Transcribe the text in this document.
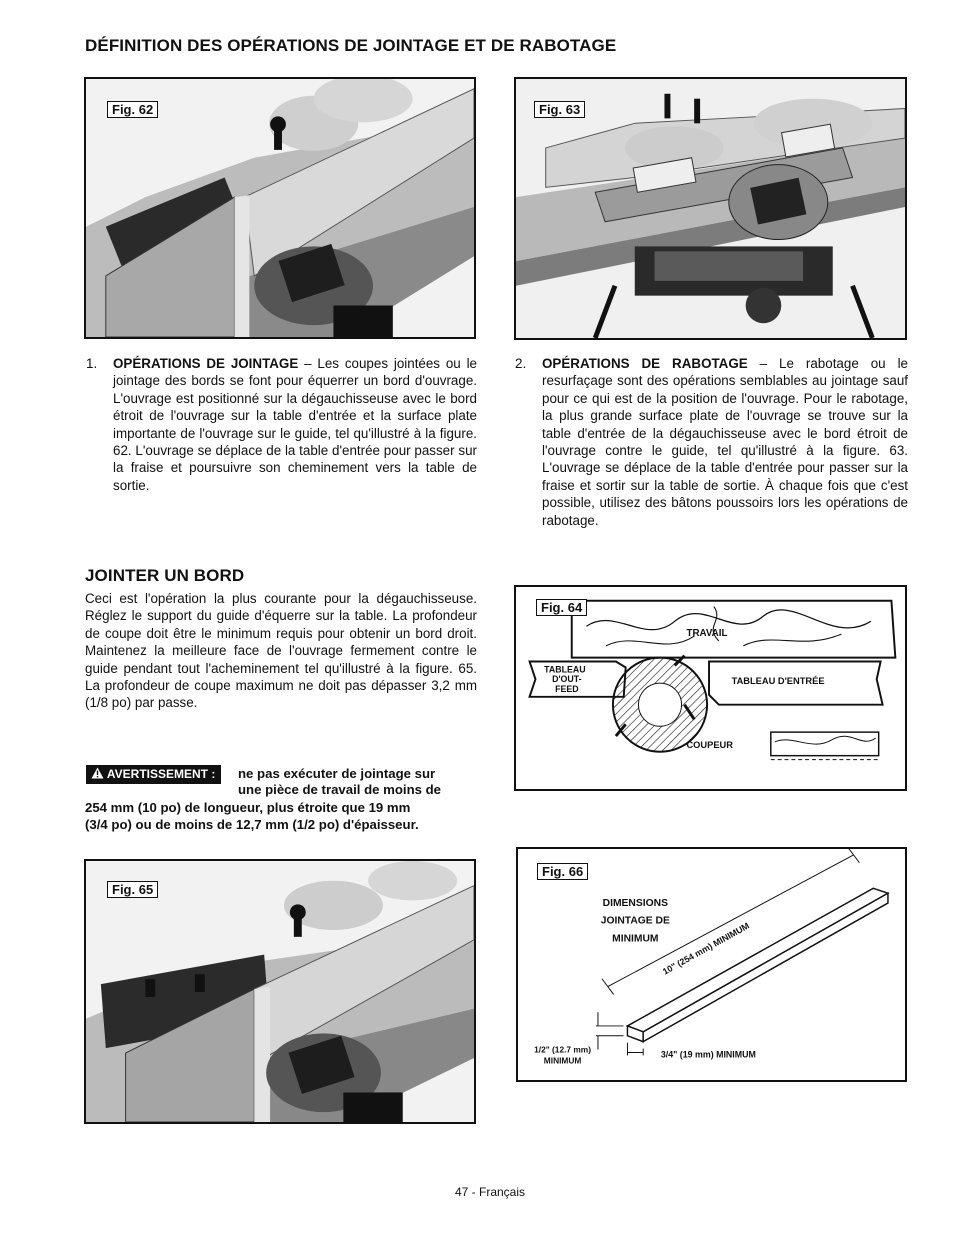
DÉFINITION DES OPÉRATIONS DE JOINTAGE ET DE RABOTAGE
Fig. 62	Fig. 63
1. OPÉRATIONS DE JOINTAGE – Les coupes jointées ou le jointage des bords se font pour équerrer un bord d'ouvrage. L'ouvrage est positionné sur la dégauchisseuse avec le bord étroit de l'ouvrage sur la table d'entrée et la surface plate importante de l'ouvrage sur le guide, tel qu'illustré à la figure. 62. L'ouvrage se déplace de la table d'entrée pour passer sur la fraise et poursuivre son cheminement vers la table de sortie.
2. OPÉRATIONS DE RABOTAGE – Le rabotage ou le resurfaçage sont des opérations semblables au jointage sauf pour ce qui est de la position de l'ouvrage. Pour le rabotage, la plus grande surface plate de l'ouvrage se trouve sur la table d'entrée de la dégauchisseuse avec le bord étroit de l'ouvrage contre le guide, tel qu'illustré à la figure. 63. L'ouvrage se déplace de la table d'entrée pour passer sur la fraise et sortir sur la table de sortie. À chaque fois que c'est possible, utilisez des bâtons poussoirs lors les opérations de rabotage.
JOINTER UN BORD
Ceci est l'opération la plus courante pour la dégauchisseuse. Réglez le support du guide d'équerre sur la table. La profondeur de coupe doit être le minimum requis pour obtenir un bord droit. Maintenez la meilleure face de l'ouvrage fermement contre le guide pendant tout l'acheminement tel qu'illustré à la figure. 65. La profondeur de coupe maximum ne doit pas dépasser 3,2 mm (1/8 po) par passe.
AVERTISSEMENT : ne pas exécuter de jointage sur
une pièce de travail de moins de
254 mm (10 po) de longueur, plus étroite que 19 mm
(3/4 po) ou de moins de 12,7 mm (1/2 po) d'épaisseur.
Fig. 64
TRAVAIL
TABLEAU
D'OUT-
FEED
TABLEAU D'ENTRÉE
COUPEUR
Fig. 65
Fig. 66
10" (254 mm) MINIMUM
DIMENSIONS
JOINTAGE DE
MINIMUM
1/2" (12.7 mm)
MINIMUM
3/4" (19 mm) MINIMUM
47 - Français
